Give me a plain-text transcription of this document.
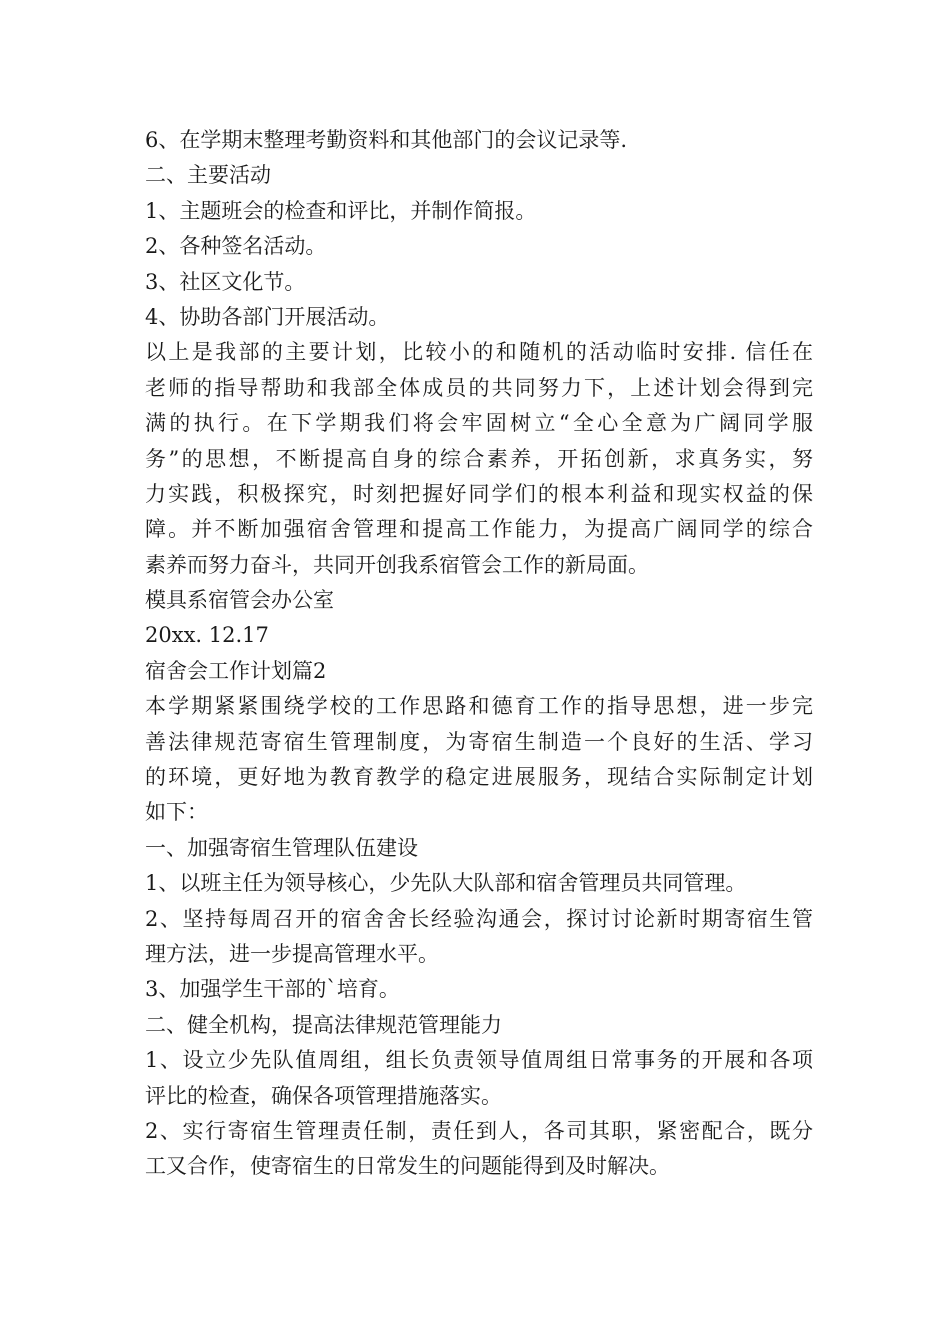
6、在学期末整理考勤资料和其他部门的会议记录等.

二、主要活动

1、主题班会的检查和评比，并制作简报。

2、各种签名活动。

3、社区文化节。

4、协助各部门开展活动。

以上是我部的主要计划，比较小的和随机的活动临时安排. 信任在

老师的指导帮助和我部全体成员的共同努力下，上述计划会得到完

满的执行。在下学期我们将会牢固树立“全心全意为广阔同学服

务”的思想，不断提高自身的综合素养，开拓创新，求真务实，努

力实践，积极探究，时刻把握好同学们的根本利益和现实权益的保

障。并不断加强宿舍管理和提高工作能力，为提高广阔同学的综合

素养而努力奋斗，共同开创我系宿管会工作的新局面。

模具系宿管会办公室

20xx. 12.17

宿舍会工作计划篇2

本学期紧紧围绕学校的工作思路和德育工作的指导思想，进一步完

善法律规范寄宿生管理制度，为寄宿生制造一个良好的生活、学习

的环境，更好地为教育教学的稳定进展服务，现结合实际制定计划

如下：

一、加强寄宿生管理队伍建设

1、以班主任为领导核心，少先队大队部和宿舍管理员共同管理。

2、坚持每周召开的宿舍舍长经验沟通会，探讨讨论新时期寄宿生管

理方法，进一步提高管理水平。

3、加强学生干部的`培育。

二、健全机构，提高法律规范管理能力

1、设立少先队值周组，组长负责领导值周组日常事务的开展和各项

评比的检查，确保各项管理措施落实。

2、实行寄宿生管理责任制，责任到人，各司其职，紧密配合，既分

工又合作，使寄宿生的日常发生的问题能得到及时解决。
